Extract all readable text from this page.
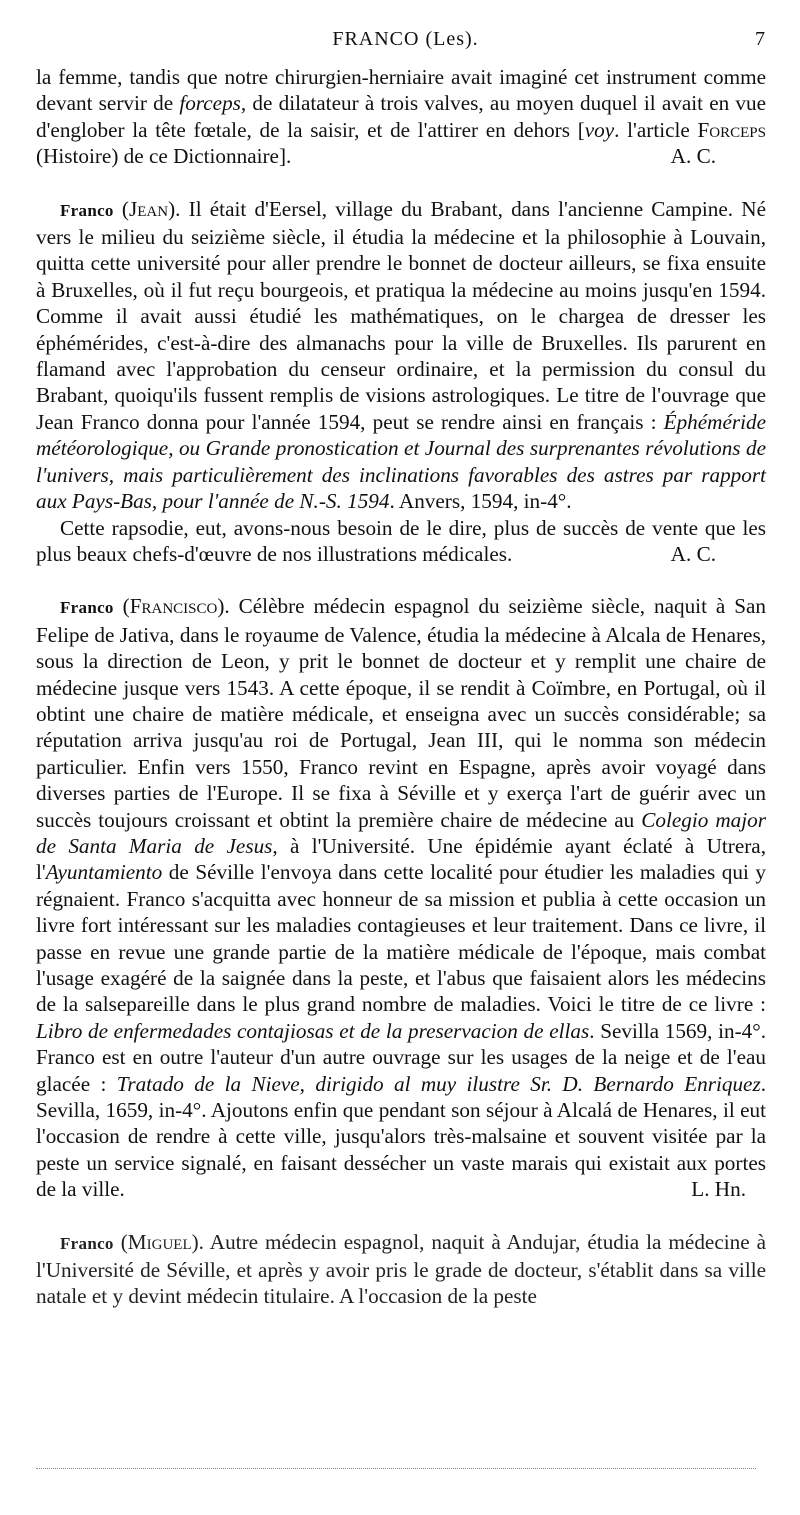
FRANCO (Les).	7

la femme, tandis que notre chirurgien-herniaire avait imaginé cet instrument comme devant servir de forceps, de dilatateur à trois valves, au moyen duquel il avait en vue d'englober la tête fœtale, de la saisir, et de l'attirer en dehors [voy. l'article Forceps (Histoire) de ce Dictionnaire].	A. C.

Franco (Jean). Il était d'Eersel, village du Brabant, dans l'ancienne Campine. Né vers le milieu du seizième siècle, il étudia la médecine et la philosophie à Louvain, quitta cette université pour aller prendre le bonnet de docteur ailleurs, se fixa ensuite à Bruxelles, où il fut reçu bourgeois, et pratiqua la médecine au moins jusqu'en 1594. Comme il avait aussi étudié les mathématiques, on le chargea de dresser les éphémérides, c'est-à-dire des almanachs pour la ville de Bruxelles. Ils parurent en flamand avec l'approbation du censeur ordinaire, et la permission du consul du Brabant, quoiqu'ils fussent remplis de visions astrologiques. Le titre de l'ouvrage que Jean Franco donna pour l'année 1594, peut se rendre ainsi en français : Éphéméride météorologique, ou Grande pronostication et Journal des surprenantes révolutions de l'univers, mais particulièrement des inclinations favorables des astres par rapport aux Pays-Bas, pour l'année de N.-S. 1594. Anvers, 1594, in-4°.

Cette rapsodie, eut, avons-nous besoin de le dire, plus de succès de vente que les plus beaux chefs-d'œuvre de nos illustrations médicales.	A. C.

Franco (Francisco). Célèbre médecin espagnol du seizième siècle, naquit à San Felipe de Jativa, dans le royaume de Valence, étudia la médecine à Alcala de Henares, sous la direction de Leon, y prit le bonnet de docteur et y remplit une chaire de médecine jusque vers 1543. A cette époque, il se rendit à Coïmbre, en Portugal, où il obtint une chaire de matière médicale, et enseigna avec un succès considérable; sa réputation arriva jusqu'au roi de Portugal, Jean III, qui le nomma son médecin particulier. Enfin vers 1550, Franco revint en Espagne, après avoir voyagé dans diverses parties de l'Europe. Il se fixa à Séville et y exerça l'art de guérir avec un succès toujours croissant et obtint la première chaire de médecine au Colegio major de Santa Maria de Jesus, à l'Université. Une épidémie ayant éclaté à Utrera, l'Ayuntamiento de Séville l'envoya dans cette localité pour étudier les maladies qui y régnaient. Franco s'acquitta avec honneur de sa mission et publia à cette occasion un livre fort intéressant sur les maladies contagieuses et leur traitement. Dans ce livre, il passe en revue une grande partie de la matière médicale de l'époque, mais combat l'usage exagéré de la saignée dans la peste, et l'abus que faisaient alors les médecins de la salsepareille dans le plus grand nombre de maladies. Voici le titre de ce livre : Libro de enfermedades contajiosas et de la preservacion de ellas. Sevilla 1569, in-4°. Franco est en outre l'auteur d'un autre ouvrage sur les usages de la neige et de l'eau glacée : Tratado de la Nieve, dirigido al muy ilustre Sr. D. Bernardo Enriquez. Sevilla, 1659, in-4°. Ajoutons enfin que pendant son séjour à Alcalá de Henares, il eut l'occasion de rendre à cette ville, jusqu'alors très-malsaine et souvent visitée par la peste un service signalé, en faisant dessécher un vaste marais qui existait aux portes de la ville.	L. Hn.

Franco (Miguel). Autre médecin espagnol, naquit à Andujar, étudia la médecine à l'Université de Séville, et après y avoir pris le grade de docteur, s'établit dans sa ville natale et y devint médecin titulaire. A l'occasion de la peste
